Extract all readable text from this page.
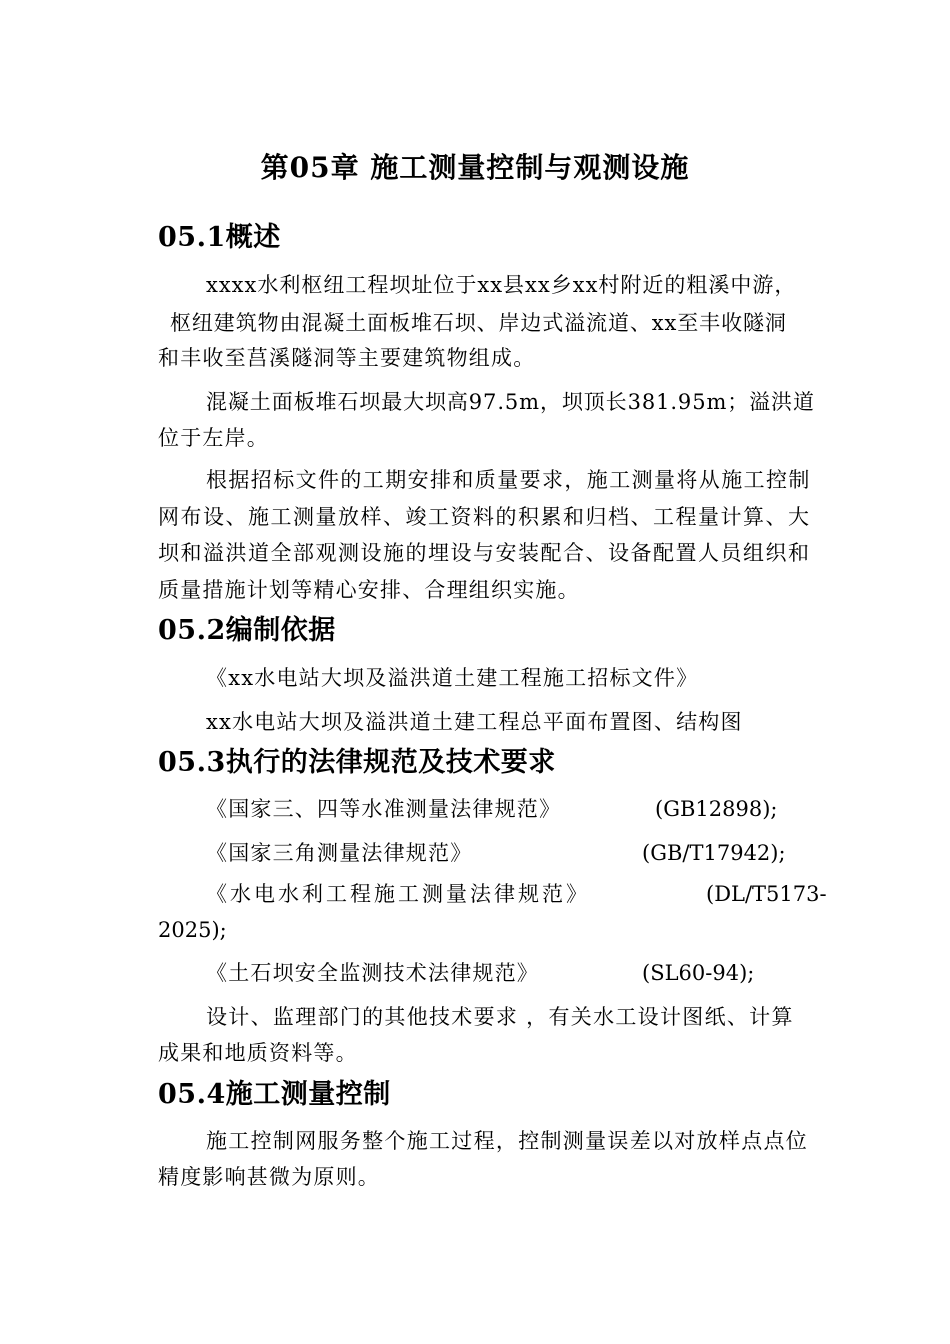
第05章 施工测量控制与观测设施
05.1概述
xxxx水利枢纽工程坝址位于xx县xx乡xx村附近的粗溪中游，
枢纽建筑物由混凝土面板堆石坝、岸边式溢流道、xx至丰收隧洞
和丰收至莒溪隧洞等主要建筑物组成。
混凝土面板堆石坝最大坝高97.5m，坝顶长381.95m；溢洪道
位于左岸。
根据招标文件的工期安排和质量要求，施工测量将从施工控制
网布设、施工测量放样、竣工资料的积累和归档、工程量计算、大
坝和溢洪道全部观测设施的埋设与安装配合、设备配置人员组织和
质量措施计划等精心安排、合理组织实施。
05.2编制依据
《xx水电站大坝及溢洪道土建工程施工招标文件》
xx水电站大坝及溢洪道土建工程总平面布置图、结构图
05.3执行的法律规范及技术要求
《国家三、四等水准测量法律规范》	(GB12898);
《国家三角测量法律规范》	(GB/T17942);
《水电水利工程施工测量法律规范》	(DL/T5173-
2025);
《土石坝安全监测技术法律规范》	(SL60-94);
设计、监理部门的其他技术要求 ，有关水工设计图纸、计算
成果和地质资料等。
05.4施工测量控制
施工控制网服务整个施工过程，控制测量误差以对放样点点位
精度影响甚微为原则。
